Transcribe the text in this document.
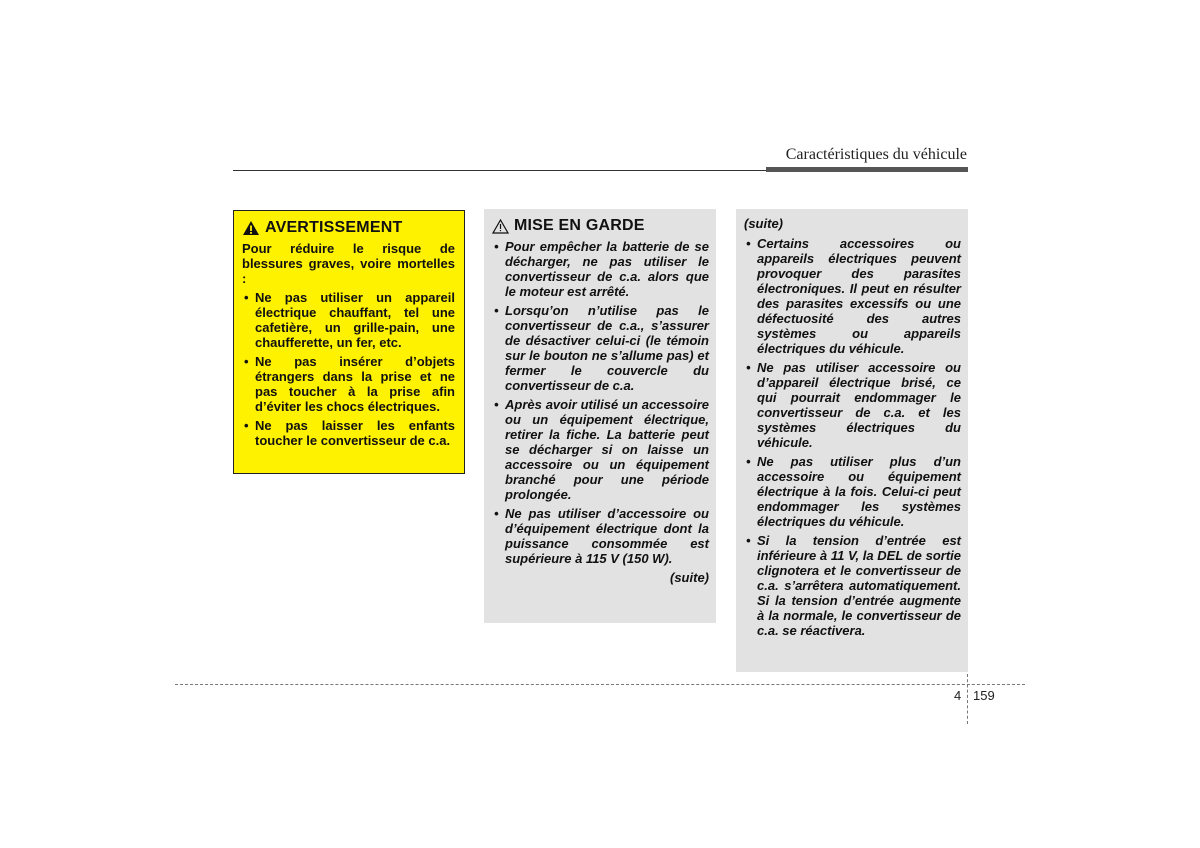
Caractéristiques du véhicule
AVERTISSEMENT

Pour réduire le risque de blessures graves, voire mortelles :

• Ne pas utiliser un appareil électrique chauffant, tel une cafetière, un grille-pain, une chaufferette, un fer, etc.
• Ne pas insérer d’objets étrangers dans la prise et ne pas toucher à la prise afin d’éviter les chocs électriques.
• Ne pas laisser les enfants toucher le convertisseur de c.a.
MISE EN GARDE
• Pour empêcher la batterie de se décharger, ne pas utiliser le convertisseur de c.a. alors que le moteur est arrêté.
• Lorsqu’on n’utilise pas le convertisseur de c.a., s’assurer de désactiver celui-ci (le témoin sur le bouton ne s’allume pas) et fermer le couvercle du convertisseur de c.a.
• Après avoir utilisé un accessoire ou un équipement électrique, retirer la fiche. La batterie peut se décharger si on laisse un accessoire ou un équipement branché pour une période prolongée.
• Ne pas utiliser d’accessoire ou d’équipement électrique dont la puissance consommée est supérieure à 115 V (150 W).
(suite)
(suite)
• Certains accessoires ou appareils électriques peuvent provoquer des parasites électroniques. Il peut en résulter des parasites excessifs ou une défectuosité des autres systèmes ou appareils électriques du véhicule.
• Ne pas utiliser accessoire ou d’appareil électrique brisé, ce qui pourrait endommager le convertisseur de c.a. et les systèmes électriques du véhicule.
• Ne pas utiliser plus d’un accessoire ou équipement électrique à la fois. Celui-ci peut endommager les systèmes électriques du véhicule.
• Si la tension d’entrée est inférieure à 11 V, la DEL de sortie clignotera et le convertisseur de c.a. s’arrêtera automatiquement. Si la tension d’entrée augmente à la normale, le convertisseur de c.a. se réactivera.
4 159
